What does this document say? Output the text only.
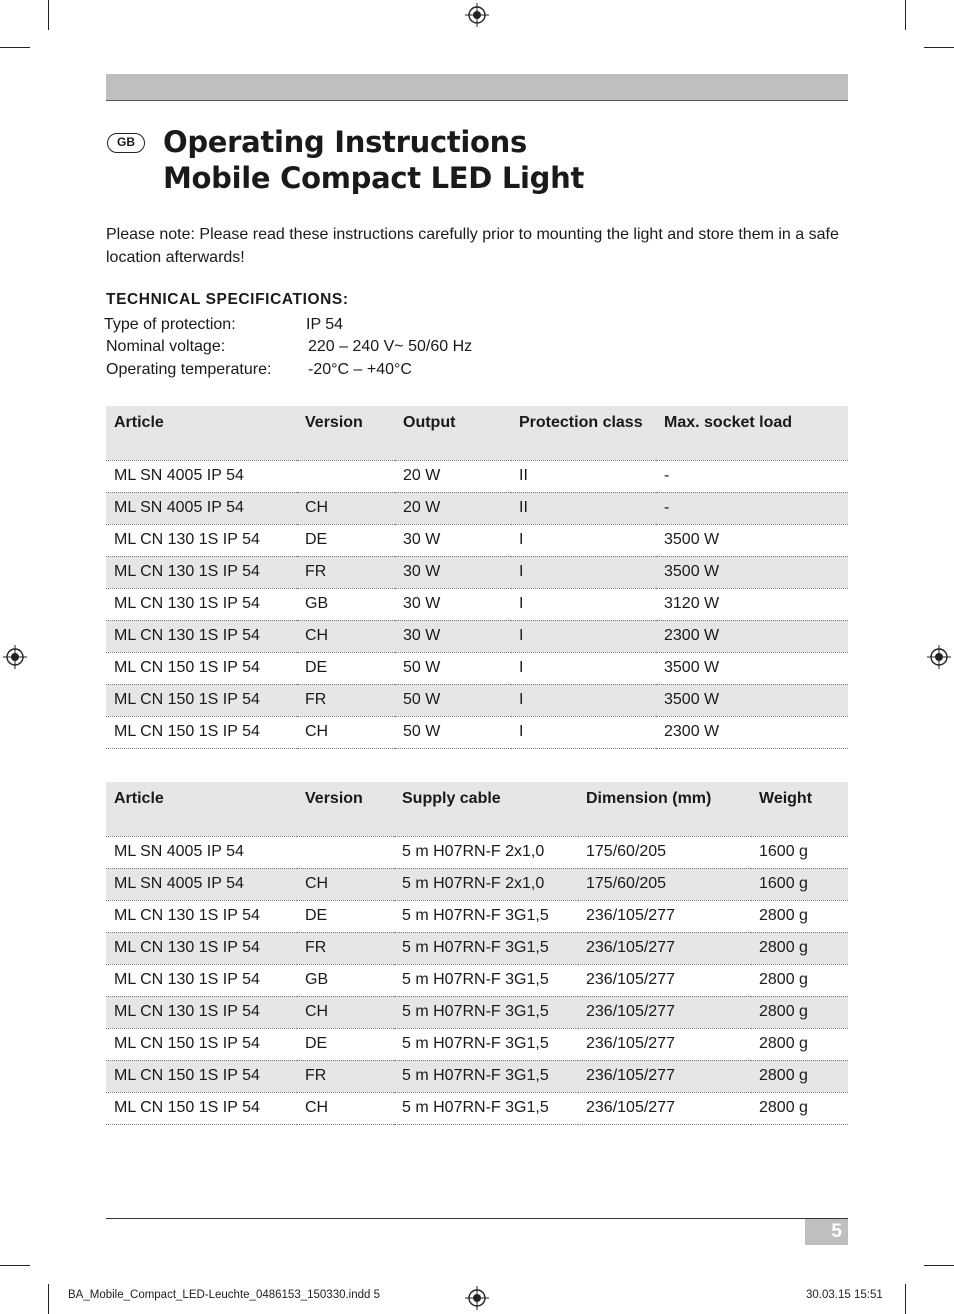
GB Operating Instructions
Mobile Compact LED Light

Please note: Please read these instructions carefully prior to mounting the light and store them in a safe location afterwards!

TECHNICAL SPECIFICATIONS:
Type of protection:	IP 54
Nominal voltage:	220 – 240 V~ 50/60 Hz
Operating temperature: -20°C – +40°C
Article	Version	Output	Protection class	Max. socket load
ML SN 4005 IP 54		20 W	II	-
ML SN 4005 IP 54	CH	20 W	II	-
ML CN 130 1S IP 54	DE	30 W	I	3500 W
ML CN 130 1S IP 54	FR	30 W	I	3500 W
ML CN 130 1S IP 54	GB	30 W	I	3120 W
ML CN 130 1S IP 54	CH	30 W	I	2300 W
ML CN 150 1S IP 54	DE	50 W	I	3500 W
ML CN 150 1S IP 54	FR	50 W	I	3500 W
ML CN 150 1S IP 54	CH	50 W	I	2300 W
Article	Version	Supply cable	Dimension (mm)	Weight
ML SN 4005 IP 54		5 m H07RN-F 2x1,0	175/60/205	1600 g
ML SN 4005 IP 54	CH	5 m H07RN-F 2x1,0	175/60/205	1600 g
ML CN 130 1S IP 54	DE	5 m H07RN-F 3G1,5	236/105/277	2800 g
ML CN 130 1S IP 54	FR	5 m H07RN-F 3G1,5	236/105/277	2800 g
ML CN 130 1S IP 54	GB	5 m H07RN-F 3G1,5	236/105/277	2800 g
ML CN 130 1S IP 54	CH	5 m H07RN-F 3G1,5	236/105/277	2800 g
ML CN 150 1S IP 54	DE	5 m H07RN-F 3G1,5	236/105/277	2800 g
ML CN 150 1S IP 54	FR	5 m H07RN-F 3G1,5	236/105/277	2800 g
ML CN 150 1S IP 54	CH	5 m H07RN-F 3G1,5	236/105/277	2800 g
5
BA_Mobile_Compact_LED-Leuchte_0486153_150330.indd 5	30.03.15 15:51
